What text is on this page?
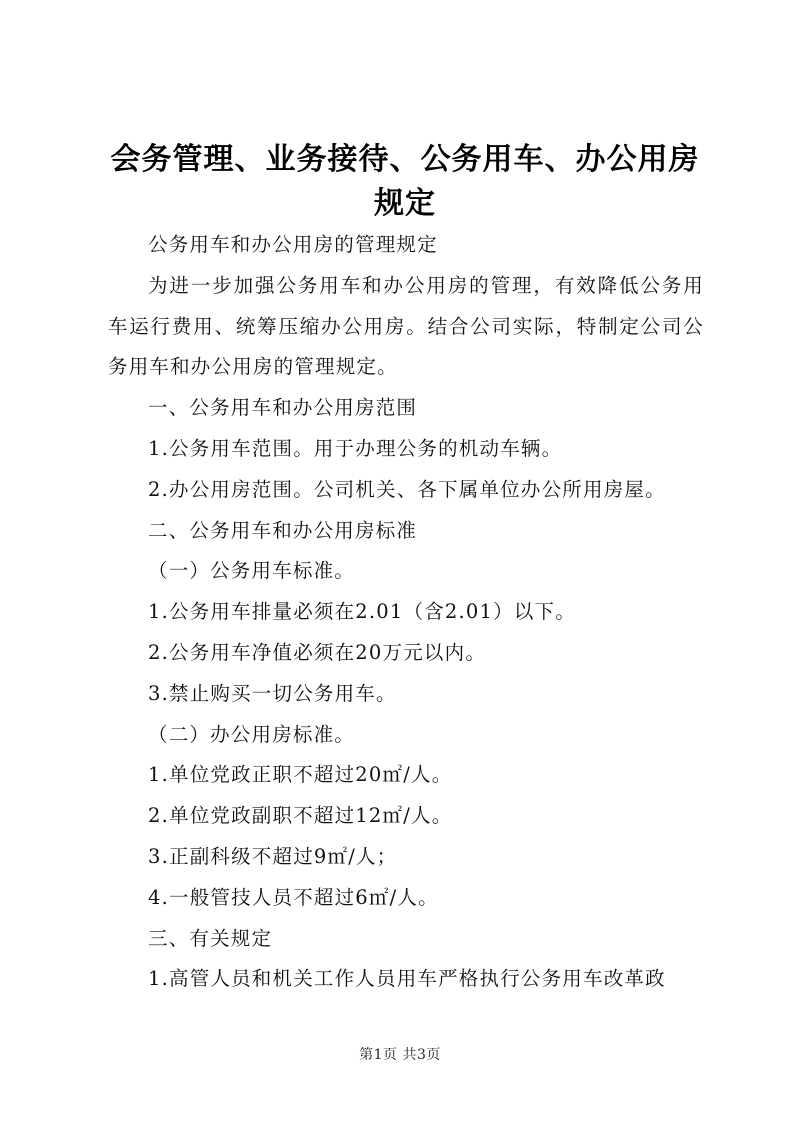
会务管理、业务接待、公务用车、办公用房规定

公务用车和办公用房的管理规定

为进一步加强公务用车和办公用房的管理，有效降低公务用车运行费用、统筹压缩办公用房。结合公司实际，特制定公司公务用车和办公用房的管理规定。

一、公务用车和办公用房范围

1.公务用车范围。用于办理公务的机动车辆。

2.办公用房范围。公司机关、各下属单位办公所用房屋。

二、公务用车和办公用房标准

（一）公务用车标准。

1.公务用车排量必须在2.01（含2.01）以下。

2.公务用车净值必须在20万元以内。

3.禁止购买一切公务用车。

（二）办公用房标准。

1.单位党政正职不超过20㎡/人。

2.单位党政副职不超过12㎡/人。

3.正副科级不超过9㎡/人；

4.一般管技人员不超过6㎡/人。

三、有关规定

1.高管人员和机关工作人员用车严格执行公务用车改革政

第1页 共3页
